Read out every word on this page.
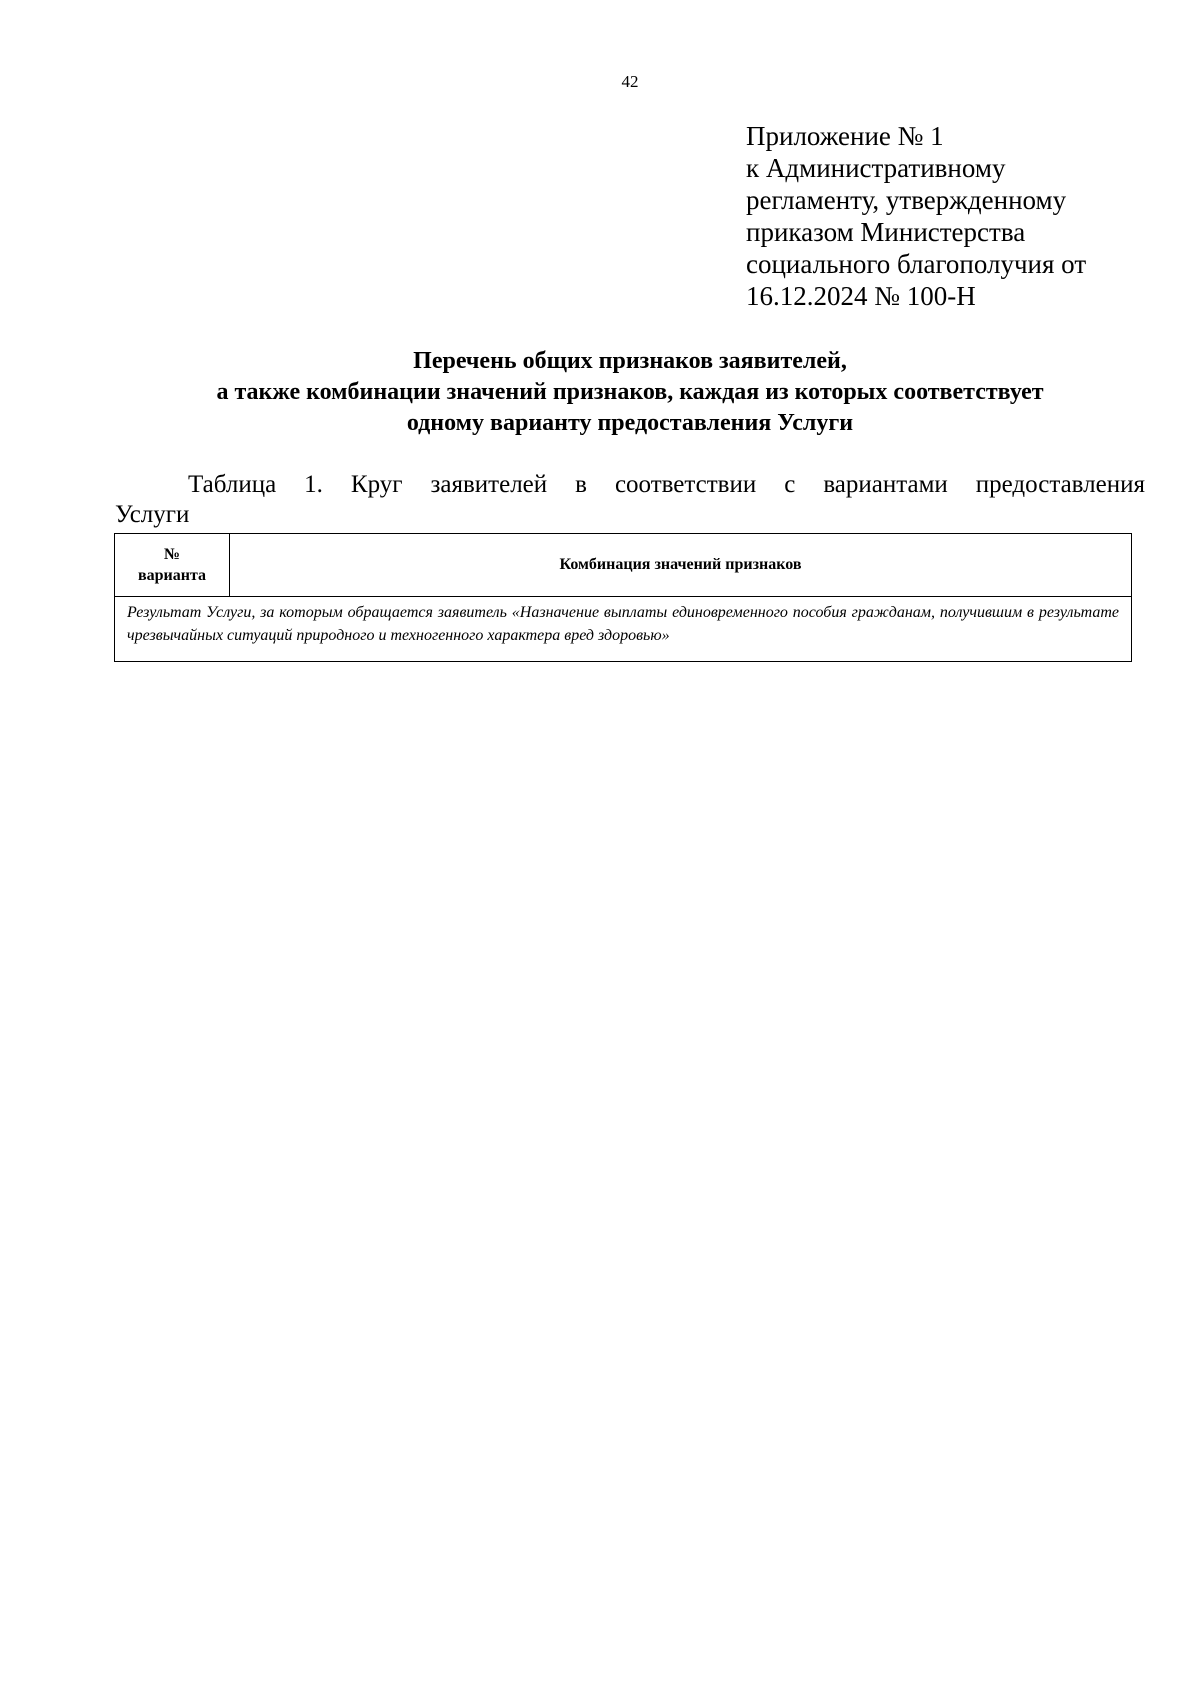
42
Приложение № 1
к Административному
регламенту, утвержденному
приказом Министерства
социального благополучия от
16.12.2024 № 100-Н
Перечень общих признаков заявителей,
а также комбинации значений признаков, каждая из которых соответствует
одному варианту предоставления Услуги
Таблица 1. Круг заявителей в соответствии с вариантами предоставления
Услуги
№
варианта
	Комбинация значений признаков
Результат Услуги, за которым обращается заявитель «Назначение выплаты единовременного пособия гражданам, получившим в результате чрезвычайных ситуаций природного и техногенного характера вред здоровью»
